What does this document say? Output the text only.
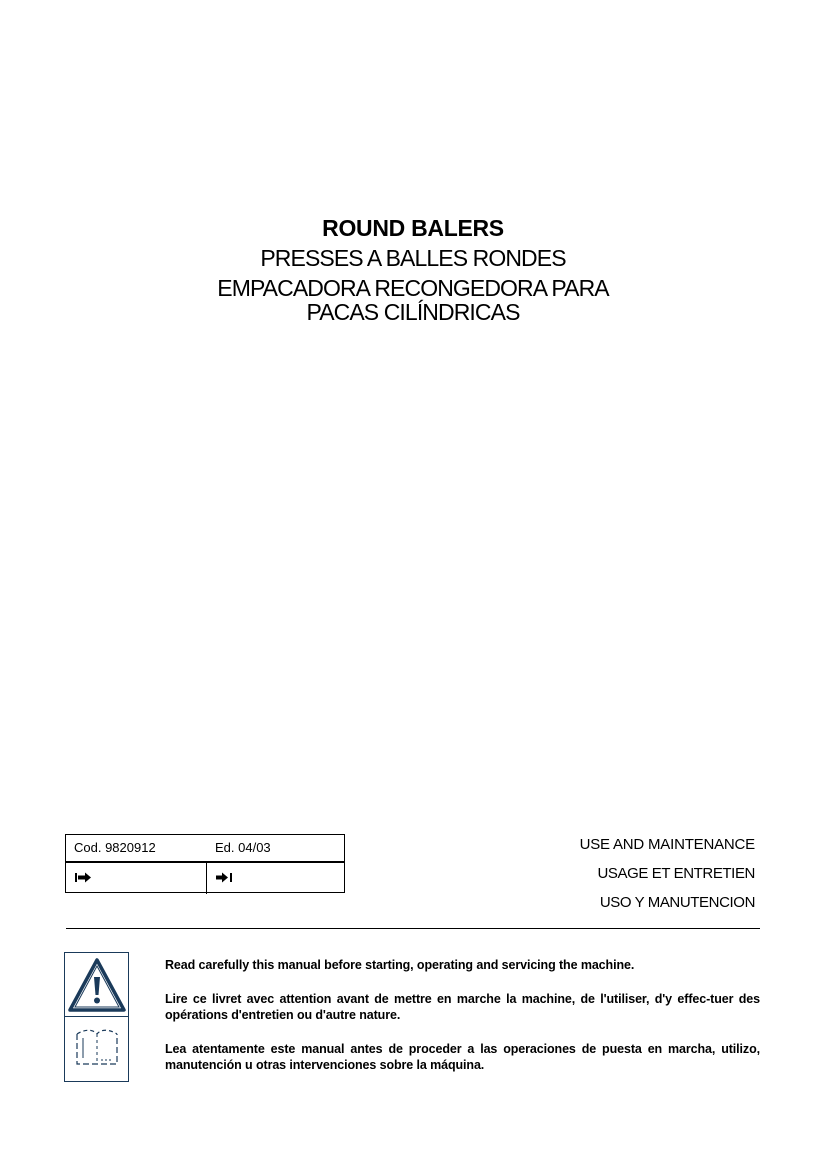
ROUND BALERS
PRESSES A BALLES RONDES
EMPACADORA RECONGEDORA PARA
PACAS CILÍNDRICAS
Cod. 9820912	Ed. 04/03	USE AND MAINTENANCE
USAGE ET ENTRETIEN
USO Y MANUTENCION

Read carefully this manual before starting, operating and servicing the machine.

Lire ce livret avec attention avant de mettre en marche la machine, de l'utiliser, d'y effec-tuer des opérations d'entretien ou d'autre nature.

Lea atentamente este manual antes de proceder a las operaciones de puesta en marcha, utilizo, manutención u otras intervenciones sobre la máquina.
